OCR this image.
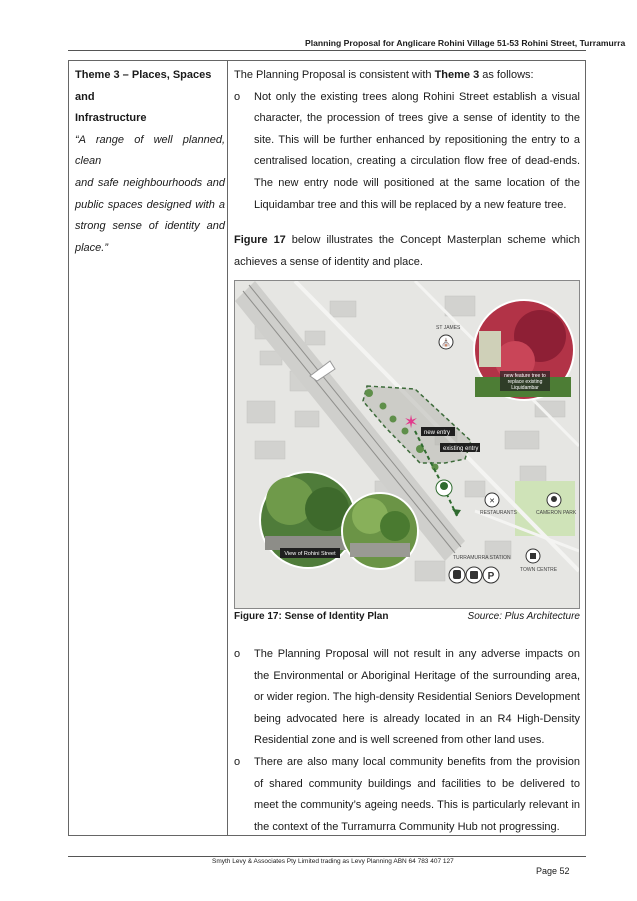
Planning Proposal for Anglicare Rohini Village 51-53 Rohini Street, Turramurra
Theme 3 – Places, Spaces and
Infrastructure
“A range of well planned, clean
and safe neighbourhoods and
public spaces designed with a
strong sense of identity and
place.”
The Planning Proposal is consistent with Theme 3 as follows:
o Not only the existing trees along Rohini Street establish a visual character, the procession of trees give a sense of identity to the site. This will be further enhanced by repositioning the entry to a centralised location, creating a circulation flow free of dead-ends. The new entry node will positioned at the same location of the Liquidambar tree and this will be replaced by a new feature tree.
Figure 17 below illustrates the Concept Masterplan scheme which achieves a sense of identity and place.
✶
new entry
existing entry
⛪
ST JAMES
new feature tree to
replace existing
Liquidambar
✕
RESTAURANTS	CAMERON PARK
TOWN CENTRE
TURRAMURRA STATION
P
View of Rohini Street
Figure 17: Sense of Identity Plan	Source: Plus Architecture
o The Planning Proposal will not result in any adverse impacts on the Environmental or Aboriginal Heritage of the surrounding area, or wider region. The high-density Residential Seniors Development being advocated here is already located in an R4 High-Density Residential zone and is well screened from other land uses.
o There are also many local community benefits from the provision of shared community buildings and facilities to be delivered to meet the community’s ageing needs. This is particularly relevant in the context of the Turramurra Community Hub not progressing.
Smyth Levy & Associates Pty Limited trading as Levy Planning ABN 64 783 407 127
Page 52
